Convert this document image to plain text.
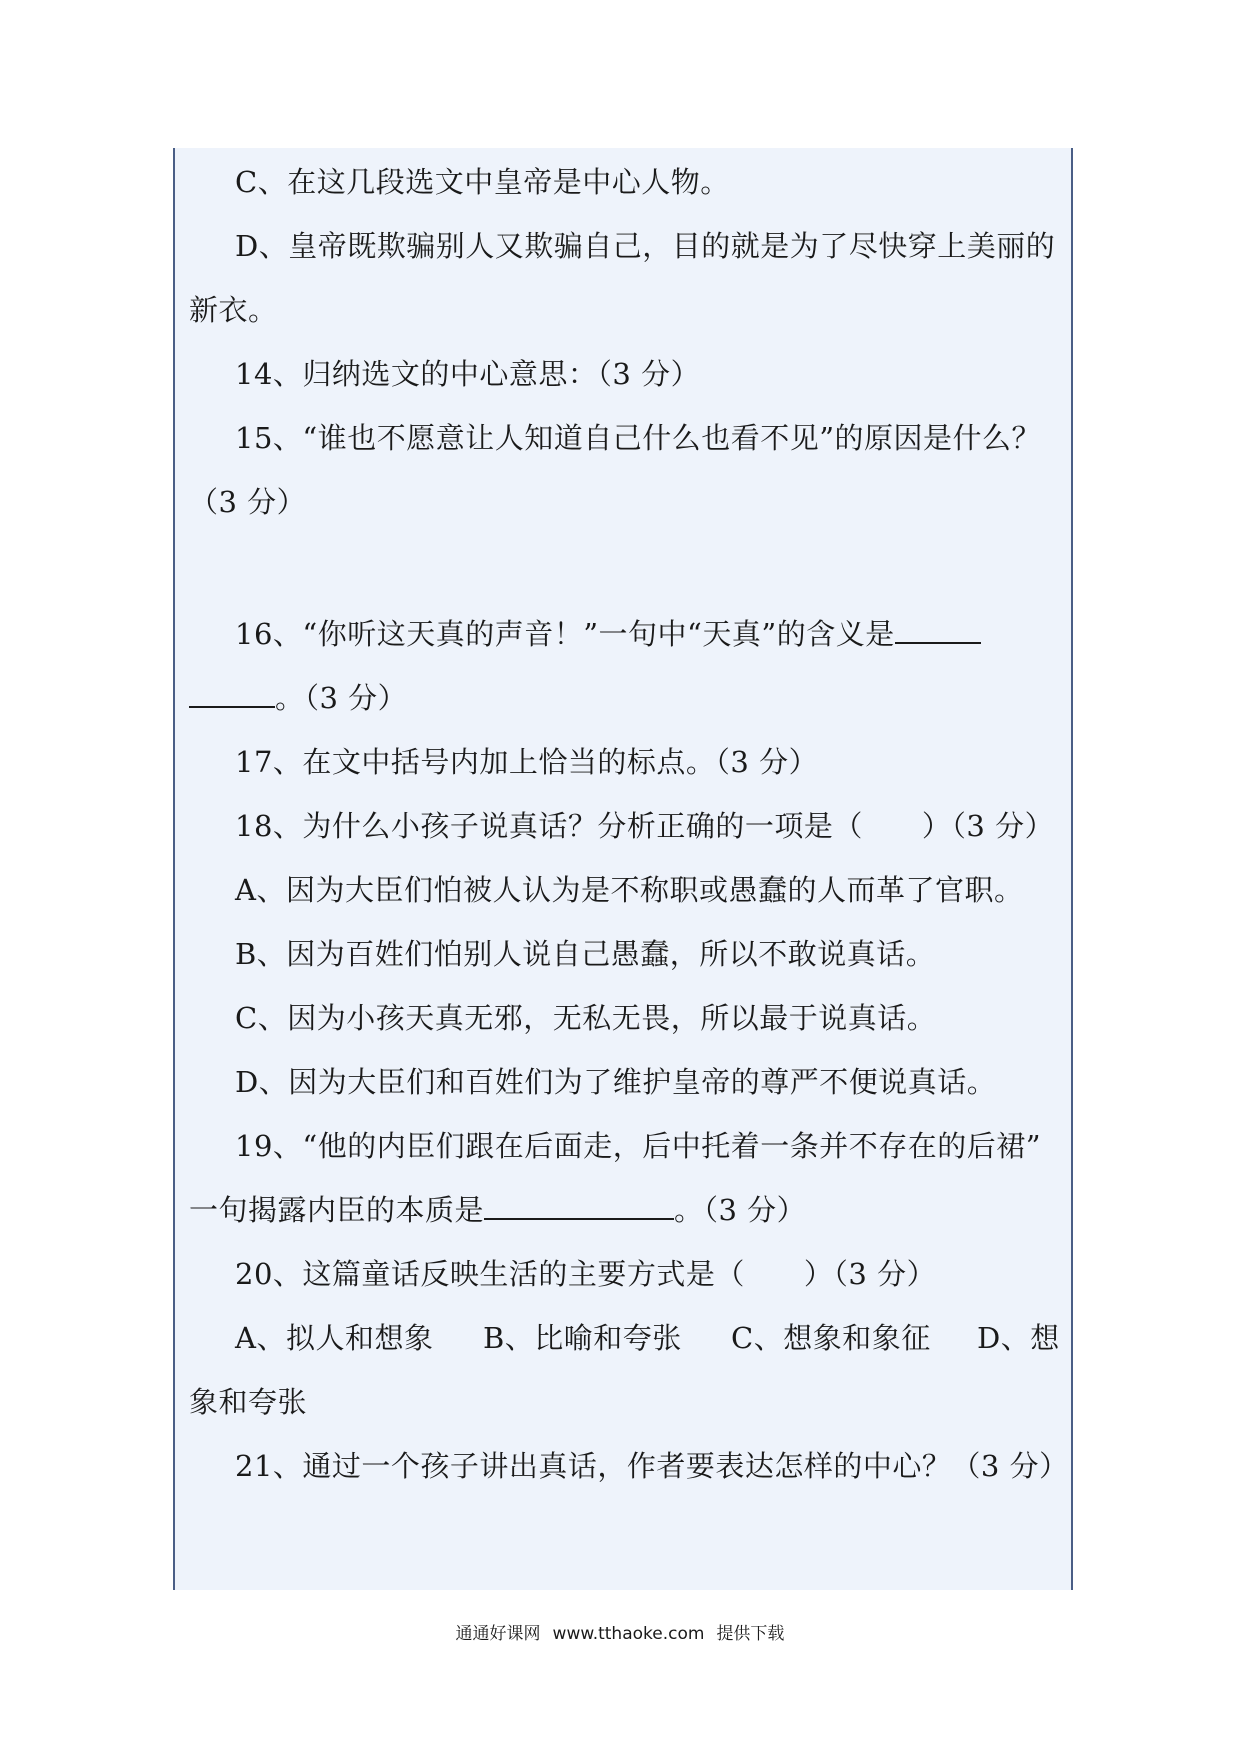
C、在这几段选文中皇帝是中心人物。
D、皇帝既欺骗别人又欺骗自己，目的就是为了尽快穿上美丽的
新衣。
14、归纳选文的中心意思：（3 分）
15、“谁也不愿意让人知道自己什么也看不见”的原因是什么？
（3 分）
16、“你听这天真的声音！”一句中“天真”的含义是
。（3 分）
17、在文中括号内加上恰当的标点。（3 分）
18、为什么小孩子说真话？分析正确的一项是（　　）（3 分）
A、因为大臣们怕被人认为是不称职或愚蠢的人而革了官职。
B、因为百姓们怕别人说自己愚蠢，所以不敢说真话。
C、因为小孩天真无邪，无私无畏，所以最于说真话。
D、因为大臣们和百姓们为了维护皇帝的尊严不便说真话。
19、“他的内臣们跟在后面走，后中托着一条并不存在的后裙”
一句揭露内臣的本质是	。（3 分）
20、这篇童话反映生活的主要方式是（　　）（3 分）
A、拟人和想象 B、比喻和夸张 C、想象和象征 D、想
象和夸张
21、通过一个孩子讲出真话，作者要表达怎样的中心？（3 分）
通通好课网 www.tthaoke.com 提供下载
